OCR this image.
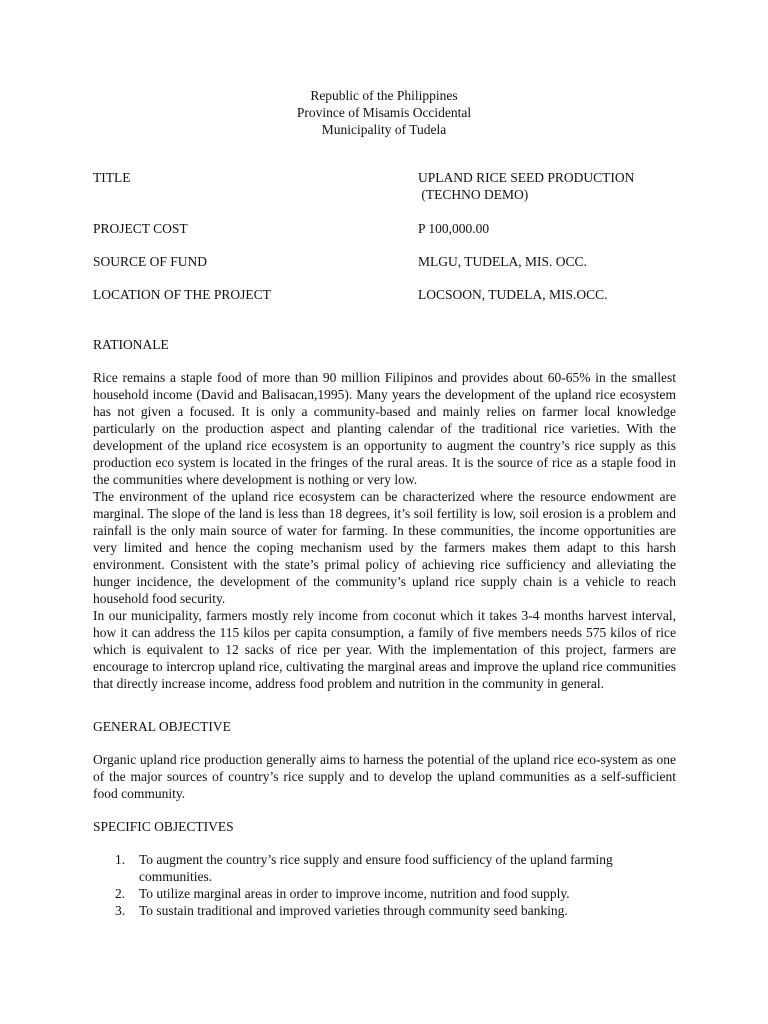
Republic of the Philippines
Province of Misamis Occidental
Municipality of Tudela
TITLE	UPLAND RICE SEED PRODUCTION
(TECHNO DEMO)
PROJECT COST	P 100,000.00
SOURCE OF FUND	MLGU, TUDELA, MIS. OCC.
LOCATION OF THE PROJECT	LOCSOON, TUDELA, MIS.OCC.
RATIONALE

Rice remains a staple food of more than 90 million Filipinos and provides about 60-65% in the smallest household income (David and Balisacan,1995). Many years the development of the upland rice ecosystem has not given a focused. It is only a community-based and mainly relies on farmer local knowledge particularly on the production aspect and planting calendar of the traditional rice varieties. With the development of the upland rice ecosystem is an opportunity to augment the country’s rice supply as this production eco system is located in the fringes of the rural areas. It is the source of rice as a staple food in the communities where development is nothing or very low.

The environment of the upland rice ecosystem can be characterized where the resource endowment are marginal. The slope of the land is less than 18 degrees, it’s soil fertility is low, soil erosion is a problem and rainfall is the only main source of water for farming. In these communities, the income opportunities are very limited and hence the coping mechanism used by the farmers makes them adapt to this harsh environment. Consistent with the state’s primal policy of achieving rice sufficiency and alleviating the hunger incidence, the development of the community’s upland rice supply chain is a vehicle to reach household food security.

In our municipality, farmers mostly rely income from coconut which it takes 3-4 months harvest interval, how it can address the 115 kilos per capita consumption, a family of five members needs 575 kilos of rice which is equivalent to 12 sacks of rice per year. With the implementation of this project, farmers are encourage to intercrop upland rice, cultivating the marginal areas and improve the upland rice communities that directly increase income, address food problem and nutrition in the community in general.

GENERAL OBJECTIVE

Organic upland rice production generally aims to harness the potential of the upland rice eco-system as one of the major sources of country’s rice supply and to develop the upland communities as a self-sufficient food community.

SPECIFIC OBJECTIVES
1. To augment the country’s rice supply and ensure food sufficiency of the upland farming communities.
2. To utilize marginal areas in order to improve income, nutrition and food supply.
3. To sustain traditional and improved varieties through community seed banking.
